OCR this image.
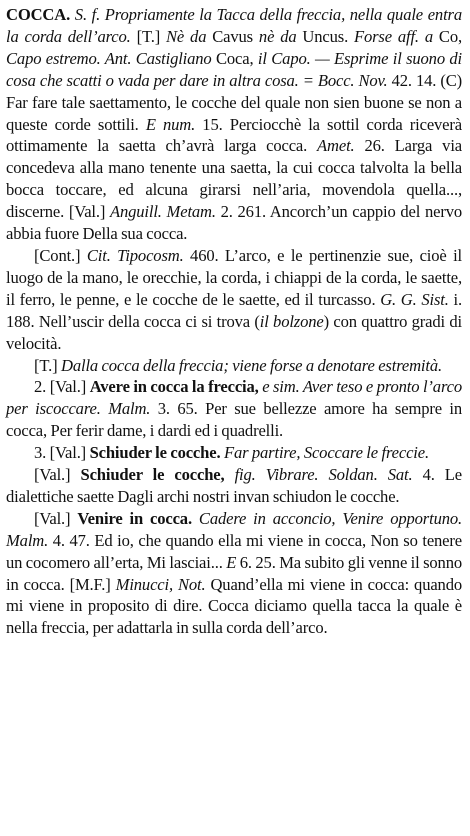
COCCA. S. f. Propriamente la Tacca della freccia, nella quale entra la corda dell’arco. [T.] Nè da Cavus nè da Uncus. Forse aff. a Co, Capo estremo. Ant. Castigliano Coca, il Capo. — Esprime il suono di cosa che scatti o vada per dare in altra cosa. = Bocc. Nov. 42. 14. (C) Far fare tale saettamento, le cocche del quale non sien buone se non a queste corde sottili. E num. 15. Perciocchè la sottil corda riceverà ottimamente la saetta ch’avrà larga cocca. Amet. 26. Larga via concedeva alla mano tenente una saetta, la cui cocca talvolta la bella bocca toccare, ed alcuna girarsi nell’aria, movendola quella..., discerne. [Val.] Anguill. Metam. 2. 261. Ancorch’un cappio del nervo abbia fuore Della sua cocca.

[Cont.] Cit. Tipocosm. 460. L’arco, e le pertinenzie sue, cioè il luogo de la mano, le orecchie, la corda, i chiappi de la corda, le saette, il ferro, le penne, e le cocche de le saette, ed il turcasso. G. G. Sist. i. 188. Nell’uscir della cocca ci si trova (il bolzone) con quattro gradi di velocità.

[T.] Dalla cocca della freccia; viene forse a denotare estremità.

2. [Val.] Avere in cocca la freccia, e sim. Aver teso e pronto l’arco per iscoccare. Malm. 3. 65. Per sue bellezze amore ha sempre in cocca, Per ferir dame, i dardi ed i quadrelli.

3. [Val.] Schiuder le cocche. Far partire, Scoccare le freccie.

[Val.] Schiuder le cocche, fig. Vibrare. Soldan. Sat. 4. Le dialettiche saette Dagli archi nostri invan schiudon le cocche.

[Val.] Venire in cocca. Cadere in acconcio, Venire opportuno. Malm. 4. 47. Ed io, che quando ella mi viene in cocca, Non so tenere un cocomero all’erta, Mi lasciai... E 6. 25. Ma subito gli venne il sonno in cocca. [M.F.] Minucci, Not. Quand’ella mi viene in cocca: quando mi viene in proposito di dire. Cocca diciamo quella tacca la quale è nella freccia, per adattarla in sulla corda dell’arco.
